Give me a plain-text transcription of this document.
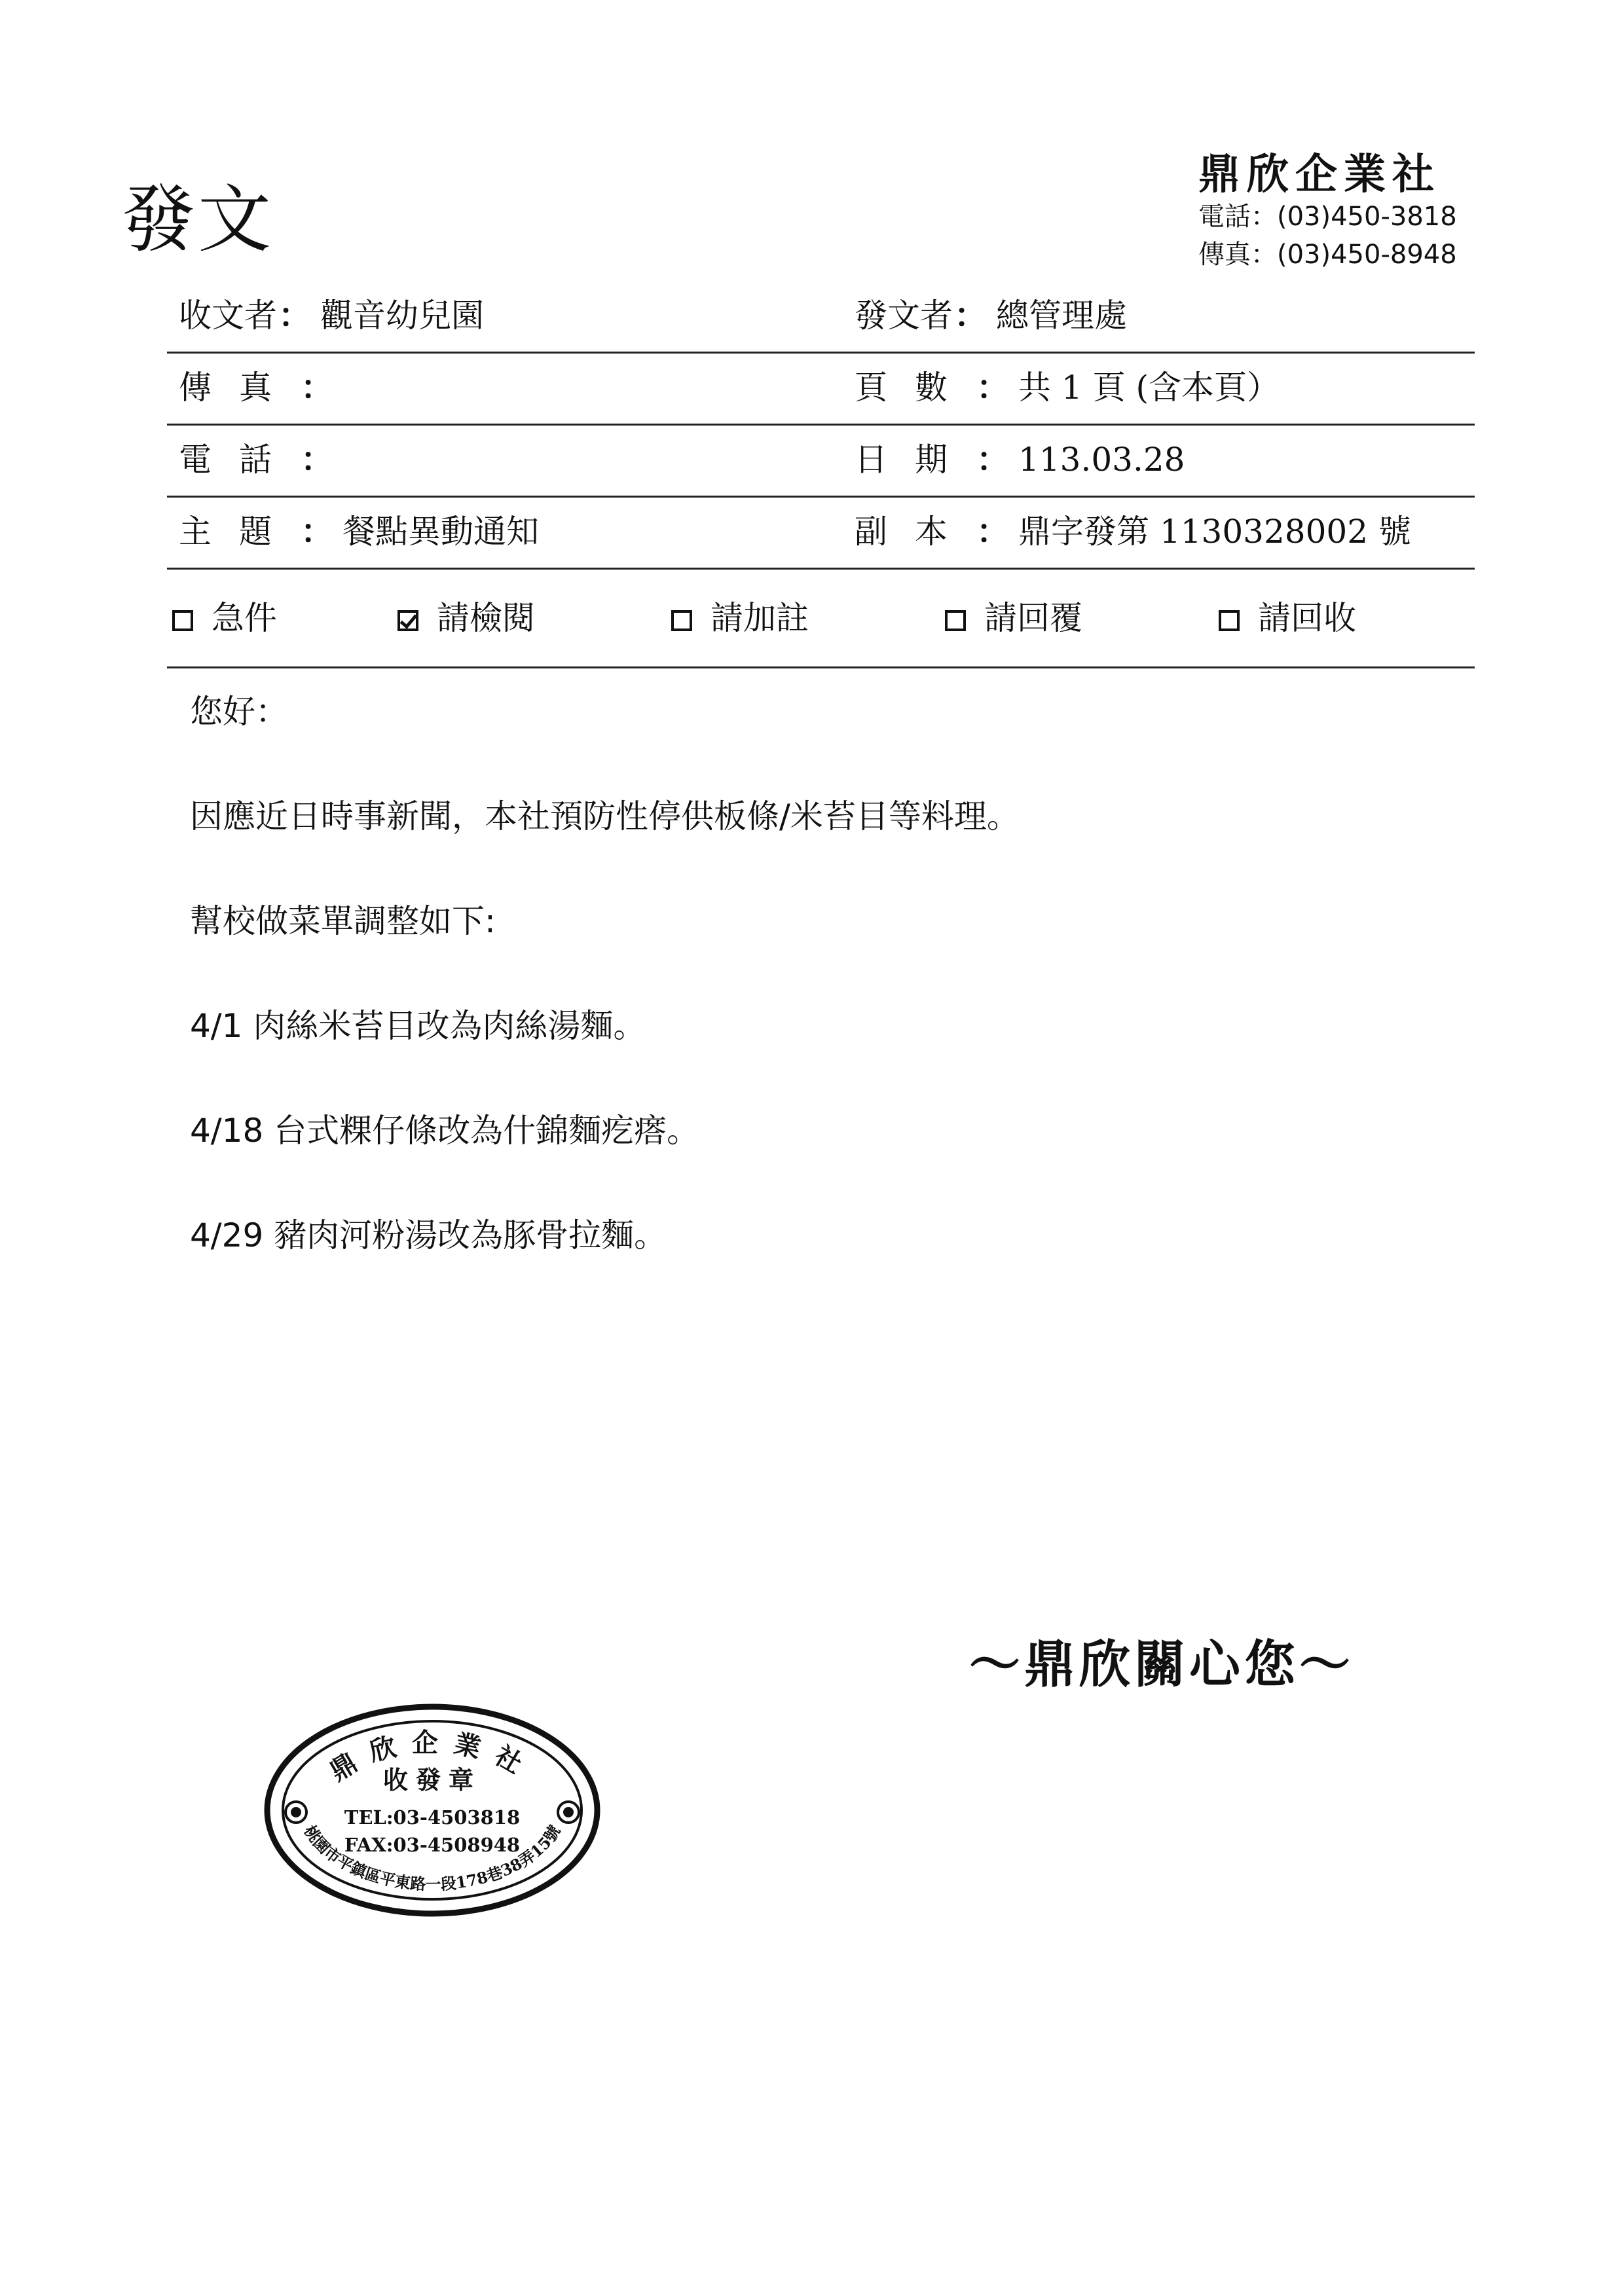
發文
鼎欣企業社
電話：(03)450-3818
傳真：(03)450-8948
收文者： 觀音幼兒園	發文者： 總管理處
傳真：	頁數： 共 1 頁 (含本頁）
電話：	日期： 113.03.28
主題： 餐點異動通知	副本： 鼎字發第 1130328002 號
急件	請檢閱	請加註	請回覆	請回收
您好：
因應近日時事新聞，本社預防性停供板條/米苔目等料理。
幫校做菜單調整如下:
4/1 肉絲米苔目改為肉絲湯麵。
4/18 台式粿仔條改為什錦麵疙瘩。
4/29 豬肉河粉湯改為豚骨拉麵。
～鼎欣關心您～
鼎欣企業社
收發章
TEL:03-4503818
FAX:03-4508948
桃園市平鎮區平東路一段178巷38弄15號
